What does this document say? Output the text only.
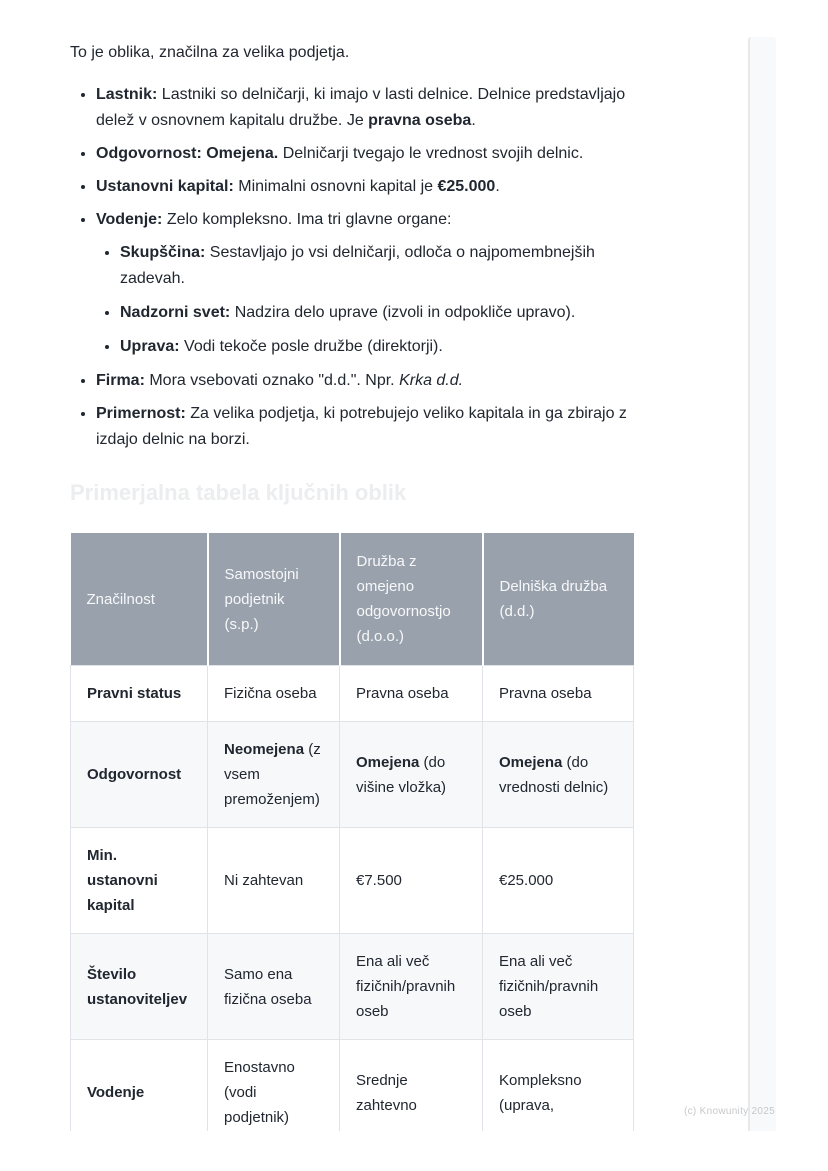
To je oblika, značilna za velika podjetja.

• Lastnik: Lastniki so delničarji, ki imajo v lasti delnice. Delnice predstavljajo delež v osnovnem kapitalu družbe. Je pravna oseba.
• Odgovornost: Omejena. Delničarji tvegajo le vrednost svojih delnic.
• Ustanovni kapital: Minimalni osnovni kapital je €25.000.
• Vodenje: Zelo kompleksno. Ima tri glavne organe:
• Skupščina: Sestavljajo jo vsi delničarji, odloča o najpomembnejših zadevah.
• Nadzorni svet: Nadzira delo uprave (izvoli in odpokliče upravo).
• Uprava: Vodi tekoče posle družbe (direktorji).
• Firma: Mora vsebovati oznako "d.d.". Npr. Krka d.d.
• Primernost: Za velika podjetja, ki potrebujejo veliko kapitala in ga zbirajo z izdajo delnic na borzi.
Primerjalna tabela ključnih oblik
Značilnost	Samostojni podjetnik (s.p.)	Družba z omejeno odgovornostjo (d.o.o.)	Delniška družba (d.d.)
Pravni status	Fizična oseba	Pravna oseba	Pravna oseba
Odgovornost	Neomejena (z vsem premoženjem)	Omejena (do višine vložka)	Omejena (do vrednosti delnic)
Min. ustanovni kapital	Ni zahtevan	€7.500	€25.000
Število ustanoviteljev	Samo ena fizična oseba	Ena ali več fizičnih/pravnih oseb	Ena ali več fizičnih/pravnih oseb
Vodenje	Enostavno (vodi podjetnik)	Srednje zahtevno	Kompleksno (uprava,	(c) Knowunity 2025
